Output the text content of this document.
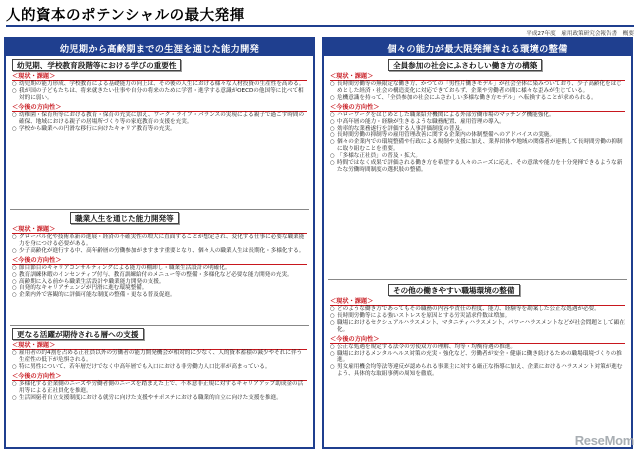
人的資本のポテンシャルの最大発揮
平成27年度　雇用政策研究会報告書　概要
幼児期から高齢期までの生涯を通じた能力開発
幼児期、学校教育段階等における学びの重要性
＜現状・課題＞
○ 幼児期の能力形成、学校教育による基礎能力の向上は、その後の人生における様々な人材投資の生産性を高める。
○ 我が国の子どもたちは、将来就きたい仕事や自分の将来のために学習・進学する意識がOECDの他国等に比べて相対的に弱い。
＜今後の方向性＞
○ 幼稚園・保育所等における教育・保育の充実に加え、ワーク・ライフ・バランスの実現による親子で過ごす時間の確保、地域における親子の居場所づくり等の家庭教育の支援を充実。
○ 学校から職業への円滑な移行に向けたキャリア教育等の充実。
職業人生を通じた能力開発等
＜現状・課題＞
○ グローバル化や技術革新の進展・経済の不確実性の増大に直面することが想定され、変化する仕事に必要な職業能力を身につける必要がある。
○ 少子高齢化が進行する中、高年齢層の労働参加がますます重要となり、個々人の職業人生は長期化・多様化する。
＜今後の方向性＞
○ 節目節目のキャリアコンサルティングによる能力の棚卸し・職業生活設計の明確化。
○ 教育訓練休暇のインセンティブ付与、教育訓練給付のメニュー等の整備・多様化など必要な能力開発の充実。
○ 高齢期に入る前から職業生活設計や職業能力開発の支援。
○ 自発的なキャリアチェンジが円滑に進む環境整備。
○ 企業内外で客観的に評価可能な制度の整備・更なる普及促進。
更なる活躍が期待される層への支援
＜現状・課題＞
○ 雇用者の約4割を占める正社員以外の労働者の能力開発機会が相対的に少なく、人的資本蓄積の減少やそれに伴う生産性の低下が危惧される。
○ 特に男性について、若年層だけでなく中高年層でも入口における非労働力人口比率が高まっている。
＜今後の方向性＞
○ 多様化する企業側のニーズや労働者側のニーズを踏まえた上で、不本意非正規に対するキャリアアップ助成金の活用等による正社員化を推進。
○ 生活困窮者自立支援制度における就労に向けた支援やサポステにおける職業的自立に向けた支援を推進。
個々の能力が最大限発揮される環境の整備
全員参加の社会にふさわしい働き方の構築
＜現状・課題＞
○ 長時間労働等の無限定な働き方、かつての「男性片働きモデル」が社会全体に染みついており、少子高齢化をはじめとした経済・社会の構造変化に対応できておらず、企業や労働者の間に様々な歪みが生じている。
○ 危機意識を持って、「全員参加の社会にふさわしい多様な働き方モデル」へ転換することが求められる。
＜今後の方向性＞
○ ハローワークをはじめとした職業紹介機関による外部労働市場のマッチング機能強化。
○ 中高年層の能力・経験が生きるような職務配置、雇用管理の導入。
○ 効率的な業務遂行を評価する人事評価制度の普及。
○ 長時間労働の抑制等の雇用管理改善に関する企業内の体制整備へのアドバイスの実施。
○ 個々の企業内での環境整備や行政による規制や支援に加え、業界団体や地域の関係者が連携して長時間労働の抑制に取り組むことを重要。
○ 「多様な正社員」の普及・拡大。
○ 時間ではなく成果で評価される働き方を希望する人々のニーズに応え、その意欲や能力を十分発揮できるような新たな労働時間制度の選択肢の整備。
その他の働きやすい職場環境の整備
＜現状・課題＞
○ どのような働き方であってもその職務の内容や責任の程度、能力、経験等を勘案した公正な処遇が必要。
○ 長時間労働等による強いストレスを原因とする労災請求件数は増加。
○ 職場におけるセクシュアルハラスメント、マタニティハラスメント、パワーハラスメントなどが社会問題として顕在化。
＜今後の方向性＞
○ 公正な処遇を規定する法令の労使双方の理解、均等・均衡待遇の推進。
○ 職場におけるメンタルヘルス対策の充実・強化など、労働者が安全・健康に働き続けるための職場環境づくりの推進。
○ 男女雇用機会均等法等違反が認められる事業主に対する厳正な指導に加え、企業におけるハラスメント対策が進むよう、具体的な取組事例の周知を徹底。
ReseMom
